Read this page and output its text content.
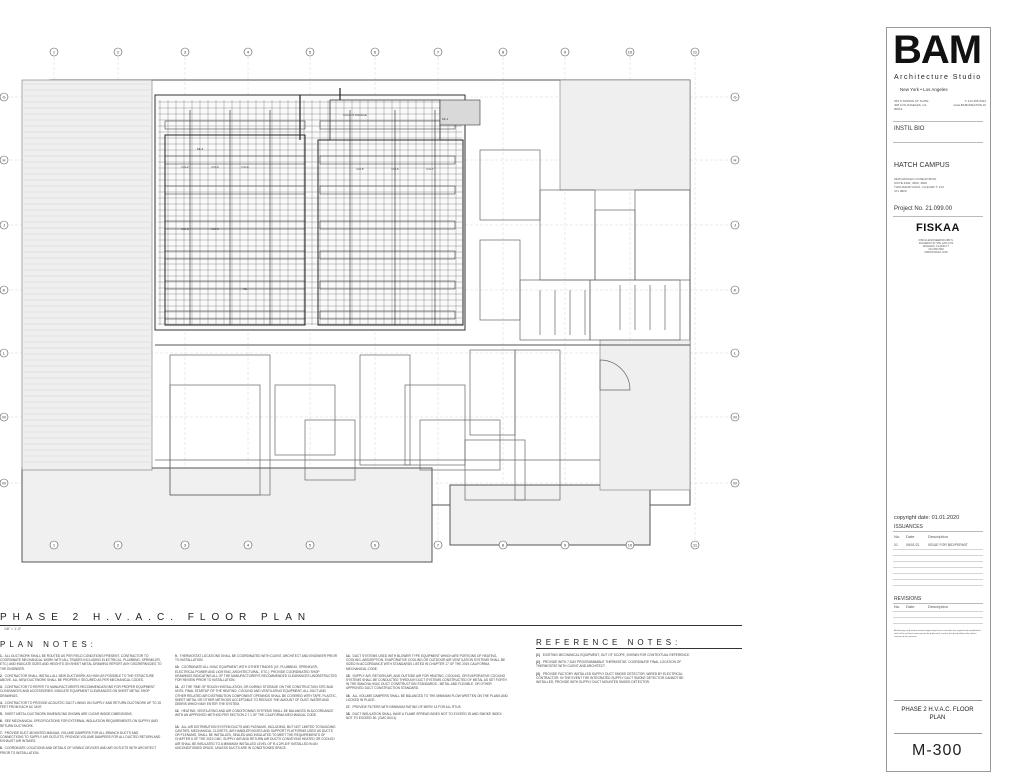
1
1
2
2
3
3
4
4
5
5
6
6
7
7
8
8
9
9
10
10
11
11
G	G
H	H
J	J
K	K
L	L
M	M
M	M
COLD STORAGE
CO-2	CO-3	CO-4	CO-5	CO-6	CO-7
CO-8	CO-9
VE
SF-1
SF-2
PHASE 2 H.V.A.C. FLOOR PLAN
1/8" = 1'-0"
PLAN NOTES:
1. ALL DUCTWORK SHALL BE ROUTED AS PER FIELD CONDITIONS PRESENT. CONTRACTOR TO COORDINATE MECHANICAL WORK WITH ALL TRADES INCLUDING ELECTRICAL, PLUMBING, SPRINKLER, ETC.) AND INDICATE SIZES AND HEIGHTS ON SHEET METAL DRAWING REPORT ANY DISCREPANCIES TO THE ENGINEER.
2. CONTRACTOR SHALL INSTALL ALL NEW DUCTWORK AS HIGH AS POSSIBLE TO THE STRUCTURE ABOVE. ALL NEW DUCTWORK SHALL BE PROPERLY SECURED AS PER MECHANICAL CODES.
3. CONTRACTOR TO REFER TO MANUFACTURER'S RECOMMENDATIONS FOR PROPER EQUIPMENT CLEARANCES AND ACCESSORIES. INDICATE EQUIPMENT CLEARANCES ON SHEET METAL SHOP DRAWINGS.
4. CONTRACTOR TO PROVIDE ACOUSTIC DUCT LINING ON SUPPLY AND RETURN DUCTWORK UP TO 15 FEET FROM EACH AC UNIT.
5. SHEET METAL DUCTWORK DIMENSIONS SHOWN ARE CLEAR INSIDE DIMENSIONS.
6. SEE MECHANICAL SPECIFICATIONS FOR EXTERNAL INSULATION REQUIREMENTS ON SUPPLY AND RETURN DUCTWORK.
7. PROVIDE DUCT-MOUNTED MANUAL VOLUME DAMPERS FOR ALL BRANCH DUCTS AND CONNECTIONS TO SUPPLY AIR OUTLETS. PROVIDE VOLUME DAMPERS FOR ALL DUCTED RETURN AND EXHAUST AIR INTAKES.
8. COORDINATE LOCATIONS AND DETAILS OF VISIBLE DEVICES AND AIR OUTLETS WITH ARCHITECT PRIOR TO INSTALLATION.
9. THERMOSTAT LOCATIONS SHALL BE COORDINATED WITH CLIENT, ARCHITECT AND ENGINEER PRIOR TO INSTALLATION.
10. COORDINATE ALL HVAC EQUIPMENT WITH OTHER TRADES (I.E. PLUMBING, SPRINKLER, ELECTRICAL POWER AND LIGHTING, ARCHITECTURAL, ETC.). PROVIDE COORDINATED SHOP DRAWINGS INDICATING ALL OF THE MANUFACTURER'S RECOMMENDED CLEARANCES UNOBSTRUCTED FOR REVIEW PRIOR TO INSTALLATION.
11. AT THE TIME OF ROUGH INSTALLATION, OR DURING STORAGE ON THE CONSTRUCTION SITE AND UNTIL FINAL STARTUP OF THE HEATING, COOLING AND VENTILATING EQUIPMENT, ALL DUCT AND OTHER RELATED AIR DISTRIBUTION COMPONENT OPENINGS SHALL BE COVERED WITH TAPE, PLASTIC, SHEET METAL OR OTHER METHODS ACCEPTABLE TO REDUCE THE AMOUNT OF DUST, WATER AND DEBRIS WHICH MAY ENTER THE SYSTEM.
12. HEATING, VENTILATING AND AIR CONDITIONING SYSTEMS SHALL BE BALANCED IN ACCORDANCE WITH AN APPROVED METHOD PER SECTION 2.7.1 OF THE CALIFORNIA MECHANICAL CODE.
13. ALL AIR DISTRIBUTION SYSTEM DUCTS AND PLENUMS, INCLUDING, BUT NOT LIMITED TO BUILDING CAVITIES, MECHANICAL CLOSETS, AIR HANDLER BOXES AND SUPPORT PLATFORMS USED AS DUCTS OR PLENUMS, SHALL BE INSTALLED, SEALED AND INSULATED TO MEET THE REQUIREMENTS OF CHAPTER 6 OF THE 2019 CMC. SUPPLY AIR AND RETURN AIR DUCTS CONVEYING HEATED OR COOLED AIR SHALL BE INSULATED TO A MINIMUM INSTALLED LEVEL OF R-4.2/R-8 IF INSTALLED IN AN UNCONDITIONED SPACE, UNLESS DUCTS ARE IN CONDITIONED SPACE.
14. DUCT SYSTEMS USED WITH BLOWER TYPE EQUIPMENT WHICH ARE PORTIONS OF HEATING, COOLING, ABSORPTION, EVAPORATIVE COOLING OR OUTDOOR AIR VENTILATION SYSTEMS SHALL BE SIZED IN ACCORDANCE WITH STANDARDS LISTED IN CHAPTER 17 OF THE 2019 CALIFORNIA MECHANICAL CODE.
15. SUPPLY AIR, RETURN AIR, AND OUTSIDE AIR FOR HEATING, COOLING, OR EVAPORATIVE COOLING SYSTEMS SHALL BE CONDUCTED THROUGH DUCT SYSTEMS CONSTRUCTED OF METAL AS SET FORTH IN THE SMACNA HVAC DUCT CONSTRUCTION STANDARDS - METAL AND FLEXIBLE, OR OTHER APPROVED DUCT CONSTRUCTION STANDARD.
16. ALL VOLUME DAMPERS SHALL BE BALANCED TO THE MINIMUM FLOW WRITTEN ON THE PLANS AND LOCKED IN PLACE.
17. PROVIDE FILTERS WITH MINIMUM RATING OF MERV 13 FOR ALL RTUS.
18. DUCT INSULATION SHALL HAVE A FLAME SPREAD INDEX NOT TO EXCEED 25 AND SMOKE INDEX NOT TO EXCEED 50. (CMC 604.1)
REFERENCE NOTES:
(1) EXISTING MECHANICAL EQUIPMENT, OUT OF SCOPE, SHOWN FOR CONTEXTUAL REFERENCE.
(2) PROVIDE WITH 7-DAY PROGRAMMABLE THERMOSTAT. COORDINATE FINAL LOCATION OF THERMOSTAT WITH CLIENT AND ARCHITECT.
(3) PROVIDE FACTORY INSTALLED SUPPLY DUCT SMOKE DETECTOR, WIRED BY ELECTRICAL CONTRACTOR. IN THE EVENT THE INTEGRATED SUPPLY DUCT SMOKE DETECTOR CANNOT BE INSTALLED, PROVIDE WITH SUPPLY DUCT MOUNTED SMOKE DETECTOR.
BAM
Architecture Studio
New York • Los Angeles
353 S SPRING ST SUITE 408 LOS ANGELES, CA 90013
T: 213 465 6324 www.BAMCREATIVE.IO
INSTIL BIO
HATCH CAMPUS
3325 RANCHO CONEJO BLVD SUITE 4400, 4500, 4600 THOUSAND OAKS, CA 91320 T: 213 471 0820
Project No. 21.099.00
FISKAA
FISKAA ENGINEERING 880 S. FIGUEROA ST STE 1200 LOS ANGELES, CA 90017 T 213.258.7949 WWW.FISKAA.COM
copyright date: 01.01.2020
ISSUANCES
No. Date	Description
01 06/01/21 ISSUE FOR BID/PERMIT
REVISIONS
No. Date	Description
All drawings and written material appearing herein constitute the original and unpublished work of the architect and may not be duplicated, used or disclosed without the written consent of the architect.
PHASE 2 H.V.A.C. FLOOR PLAN
M-300
